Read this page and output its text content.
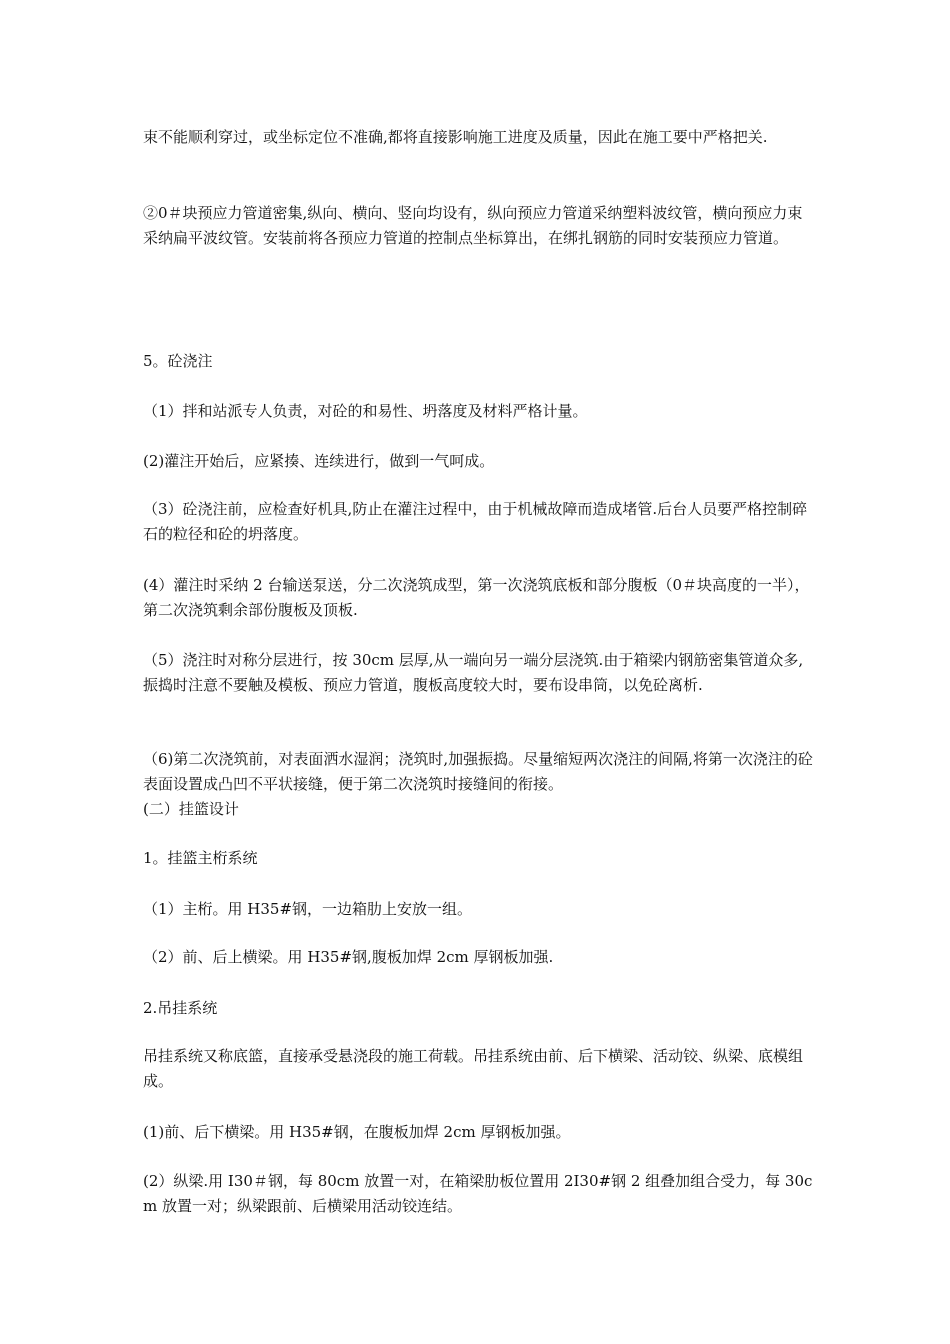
束不能顺利穿过，或坐标定位不准确,都将直接影响施工进度及质量，因此在施工要中严格把关.

②0＃块预应力管道密集,纵向、横向、竖向均设有，纵向预应力管道采纳塑料波纹管，横向预应力束采纳扁平波纹管。安装前将各预应力管道的控制点坐标算出，在绑扎钢筋的同时安装预应力管道。

5。砼浇注

（1）拌和站派专人负责，对砼的和易性、坍落度及材料严格计量。

(2)灌注开始后，应紧揍、连续进行，做到一气呵成。

（3）砼浇注前，应检查好机具,防止在灌注过程中，由于机械故障而造成堵管.后台人员要严格控制碎石的粒径和砼的坍落度。

(4）灌注时采纳 2 台输送泵送，分二次浇筑成型，第一次浇筑底板和部分腹板（0＃块高度的一半），第二次浇筑剩余部份腹板及顶板.

（5）浇注时对称分层进行，按 30cm 层厚,从一端向另一端分层浇筑.由于箱梁内钢筋密集管道众多,振捣时注意不要触及模板、预应力管道，腹板高度较大时，要布设串筒，以免砼离析.

（6)第二次浇筑前，对表面洒水湿润；浇筑时,加强振捣。尽量缩短两次浇注的间隔,将第一次浇注的砼表面设置成凸凹不平状接缝，便于第二次浇筑时接缝间的衔接。

(二）挂篮设计

1。挂篮主桁系统

（1）主桁。用 H35#钢，一边箱肋上安放一组。

（2）前、后上横梁。用 H35#钢,腹板加焊 2cm 厚钢板加强.

2.吊挂系统

吊挂系统又称底篮，直接承受悬浇段的施工荷载。吊挂系统由前、后下横梁、活动铰、纵梁、底模组成。

(1)前、后下横梁。用 H35#钢，在腹板加焊 2cm 厚钢板加强。

(2）纵梁.用 I30＃钢，每 80cm 放置一对，在箱梁肋板位置用 2I30#钢 2 组叠加组合受力，每 30cm 放置一对；纵梁跟前、后横梁用活动铰连结。
